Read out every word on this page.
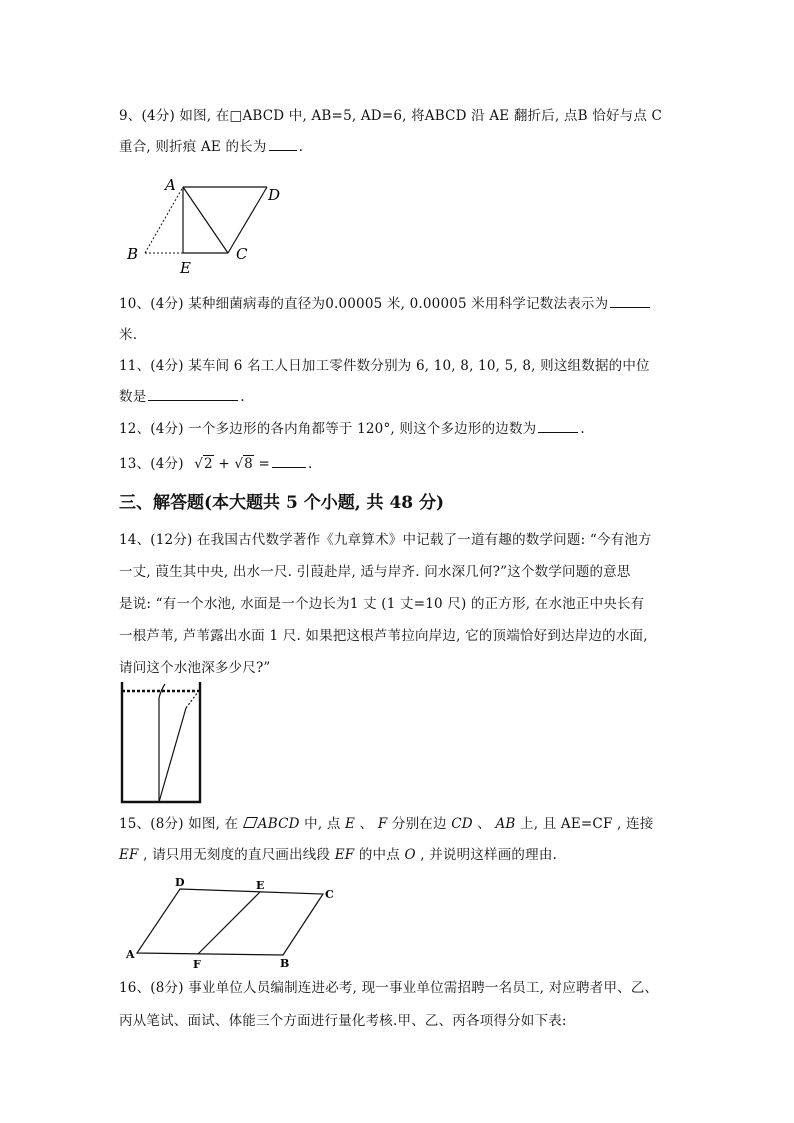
9、(4分) 如图, 在□ABCD 中, AB=5, AD=6, 将ABCD 沿 AE 翻折后, 点B 恰好与点 C
重合, 则折痕 AE 的长为 .
A
D
B
E
C
10、(4分) 某种细菌病毒的直径为0.00005 米, 0.00005 米用科学记数法表示为
米.
11、(4分) 某车间 6 名工人日加工零件数分别为 6, 10, 8, 10, 5, 8, 则这组数据的中位
数是	.
12、(4分) 一个多边形的各内角都等于 120°, 则这个多边形的边数为	.
13、(4分) √2 + √8 =	.
三、解答题(本大题共 5 个小题, 共 48 分)
14、(12分) 在我国古代数学著作《九章算术》中记载了一道有趣的数学问题: “今有池方
一丈, 葭生其中央, 出水一尺. 引葭赴岸, 适与岸齐. 问水深几何?”这个数学问题的意思
是说: “有一个水池, 水面是一个边长为1 丈 (1 丈=10 尺) 的正方形, 在水池正中央长有
一根芦苇, 芦苇露出水面 1 尺. 如果把这根芦苇拉向岸边, 它的顶端恰好到达岸边的水面,
请问这个水池深多少尺?”
15、(8分) 如图, 在 ABCD 中, 点 E 、 F 分别在边 CD 、 AB 上, 且 AE=CF , 连接
EF , 请只用无刻度的直尺画出线段 EF 的中点 O , 并说明这样画的理由.
D	E
C
A
F	B
16、(8分) 事业单位人员编制连进必考, 现一事业单位需招聘一名员工, 对应聘者甲、乙、
丙从笔试、面试、体能三个方面进行量化考核.甲、乙、丙各项得分如下表:
